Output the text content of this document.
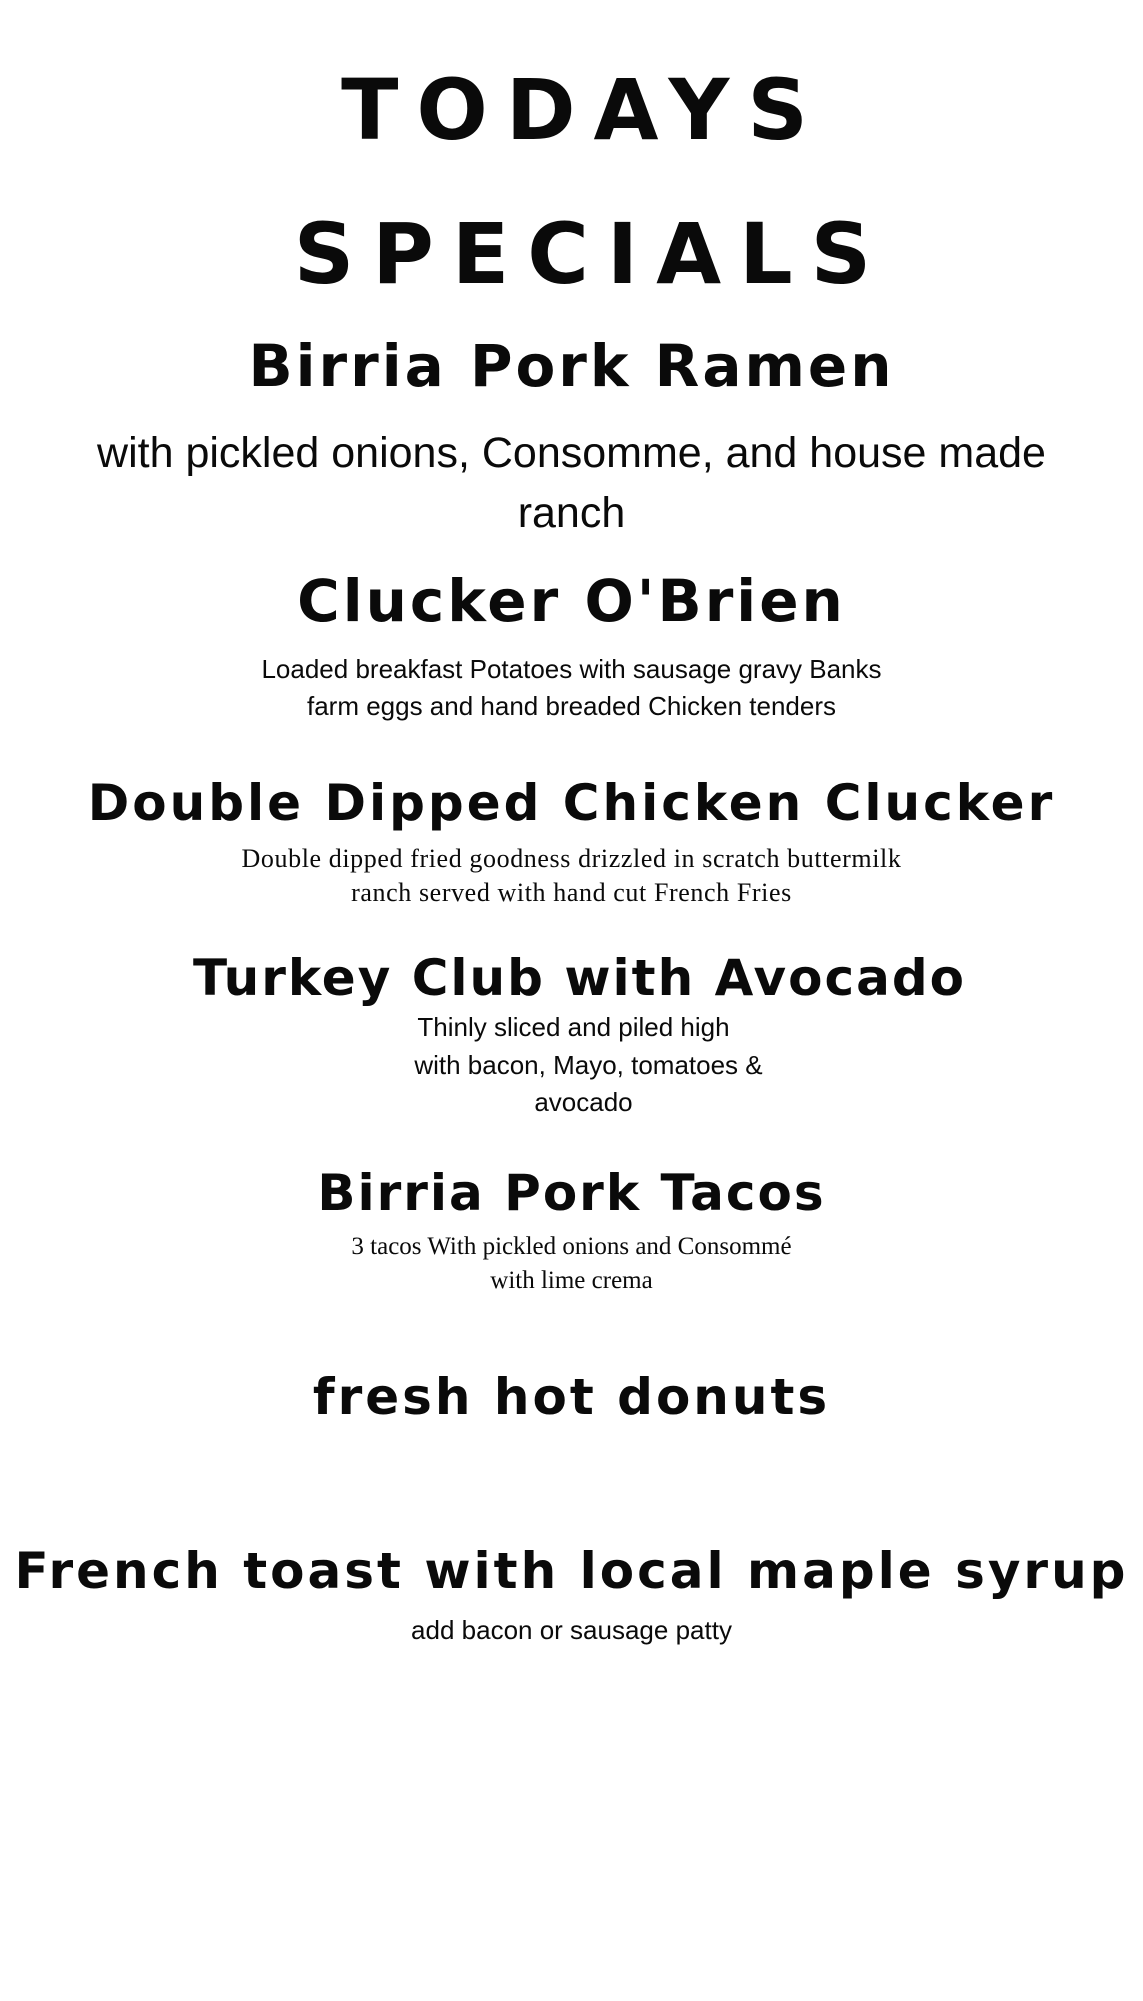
TODAYS
SPECIALS
Birria Pork Ramen
with pickled onions, Consomme, and house made
ranch
Clucker O'Brien
Loaded breakfast Potatoes with sausage gravy Banks
farm eggs and hand breaded Chicken tenders
Double Dipped Chicken Clucker
Double dipped fried goodness drizzled in scratch buttermilk
ranch served with hand cut French Fries
Turkey Club with Avocado
Thinly sliced and piled high
with bacon, Mayo, tomatoes &
avocado
Birria Pork Tacos
3 tacos With pickled onions and Consommé
with lime crema
fresh hot donuts
French toast with local maple syrup
add bacon or sausage patty
